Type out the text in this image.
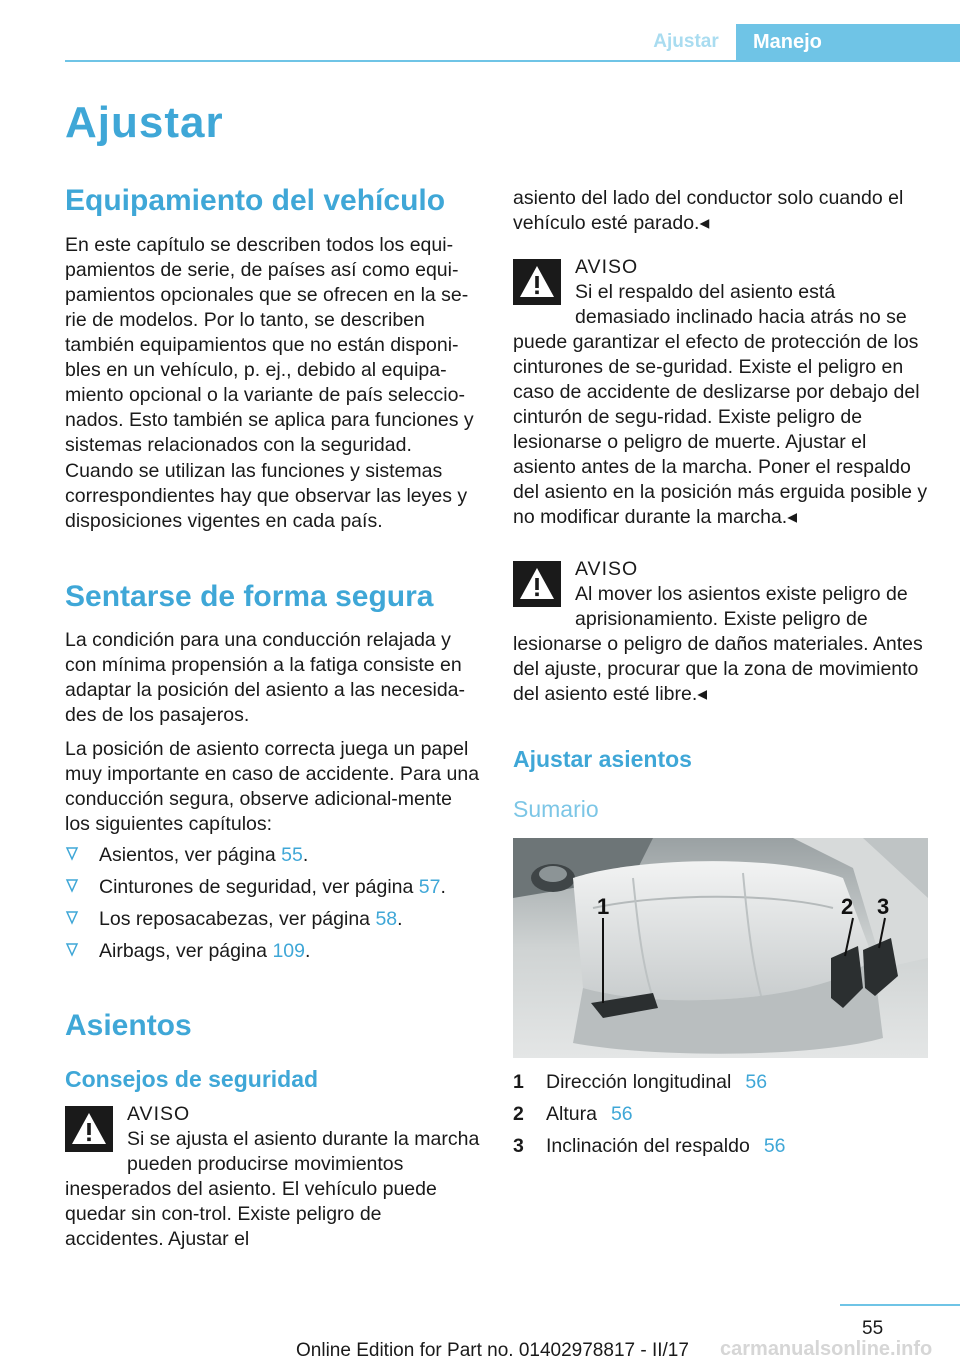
Ajustar	Manejo
Ajustar
Equipamiento del vehículo
En este capítulo se describen todos los equi-pamientos de serie, de países así como equi-pamientos opcionales que se ofrecen en la se-rie de modelos. Por lo tanto, se describen también equipamientos que no están disponi-bles en un vehículo, p. ej., debido al equipa-miento opcional o la variante de país seleccio-nados. Esto también se aplica para funciones y sistemas relacionados con la seguridad.
Cuando se utilizan las funciones y sistemas correspondientes hay que observar las leyes y disposiciones vigentes en cada país.
Sentarse de forma segura
La condición para una conducción relajada y con mínima propensión a la fatiga consiste en adaptar la posición del asiento a las necesida-des de los pasajeros.
La posición de asiento correcta juega un papel muy importante en caso de accidente. Para una conducción segura, observe adicional-mente los siguientes capítulos:
Asientos, ver página 55.
Cinturones de seguridad, ver página 57.
Los reposacabezas, ver página 58.
Airbags, ver página 109.
Asientos
Consejos de seguridad
AVISO
Si se ajusta el asiento durante la marcha pueden producirse movimientos inesperados del asiento. El vehículo puede quedar sin con-trol. Existe peligro de accidentes. Ajustar el
asiento del lado del conductor solo cuando el vehículo esté parado.◂
AVISO
Si el respaldo del asiento está demasiado inclinado hacia atrás no se puede garantizar el efecto de protección de los cinturones de se-guridad. Existe el peligro en caso de accidente de deslizarse por debajo del cinturón de segu-ridad. Existe peligro de lesionarse o peligro de muerte. Ajustar el asiento antes de la marcha. Poner el respaldo del asiento en la posición más erguida posible y no modificar durante la marcha.◂
AVISO
Al mover los asientos existe peligro de aprisionamiento. Existe peligro de lesionarse o peligro de daños materiales. Antes del ajuste, procurar que la zona de movimiento del asiento esté libre.◂
Ajustar asientos
Sumario
1	2 3
1 Dirección longitudinal 56
2 Altura 56
3 Inclinación del respaldo 56
55
Online Edition for Part no. 01402978817 - II/17 carmanualsonline.info
